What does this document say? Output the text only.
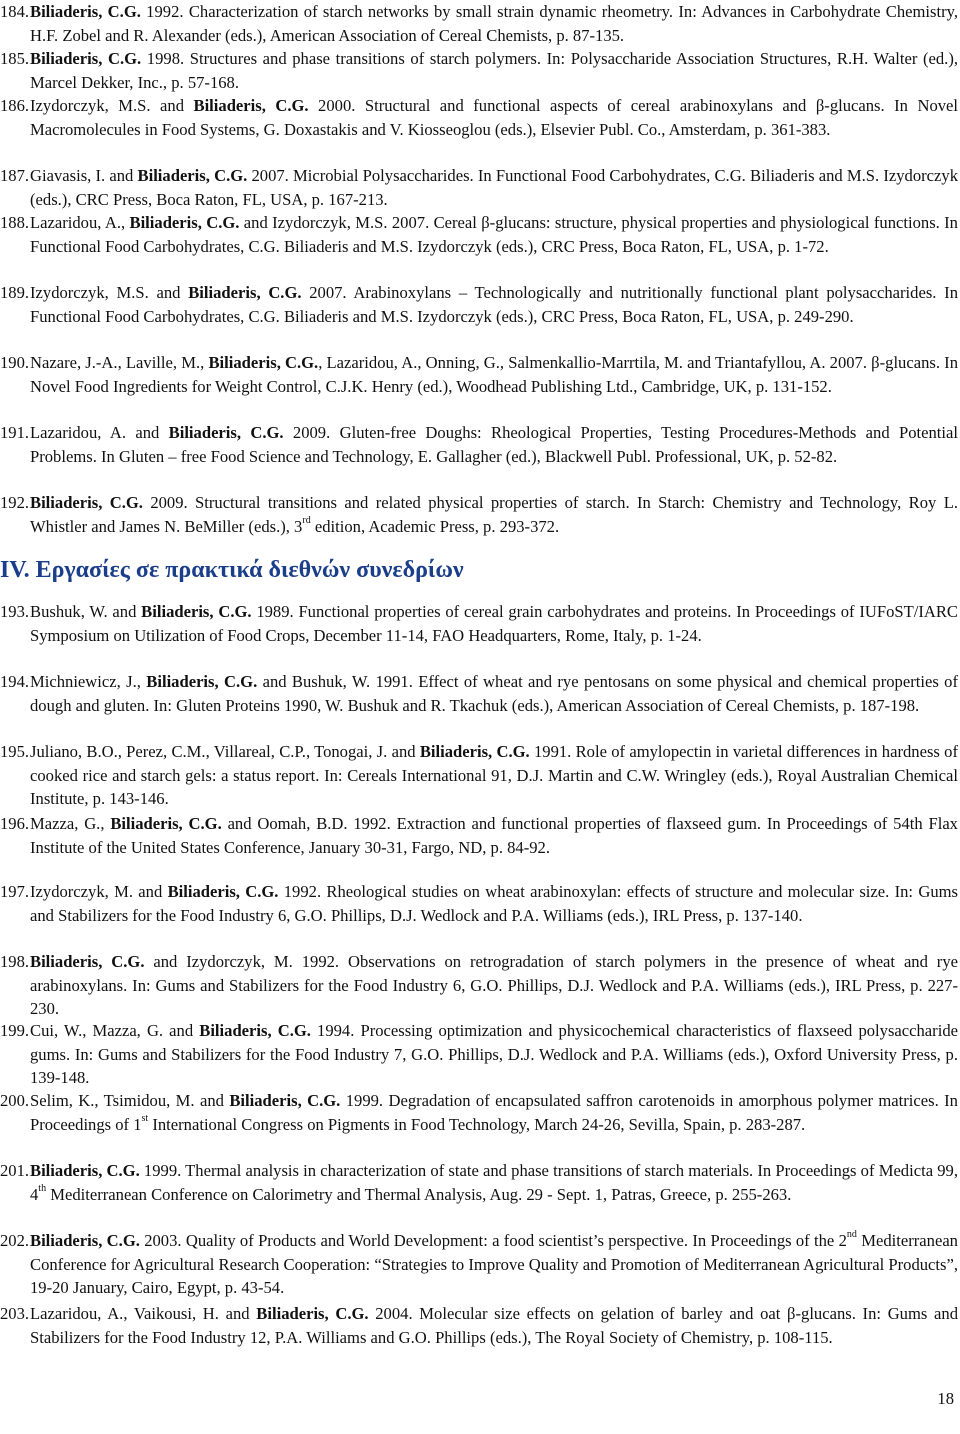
184.Biliaderis, C.G. 1992. Characterization of starch networks by small strain dynamic rheometry. In: Advances in Carbohydrate Chemistry, H.F. Zobel and R. Alexander (eds.), American Association of Cereal Chemists, p. 87-135.
185.Biliaderis, C.G. 1998. Structures and phase transitions of starch polymers. In: Polysaccharide Association Structures, R.H. Walter (ed.), Marcel Dekker, Inc., p. 57-168.
186.Izydorczyk, M.S. and Biliaderis, C.G. 2000. Structural and functional aspects of cereal arabinoxylans and β-glucans. In Novel Macromolecules in Food Systems, G. Doxastakis and V. Kiosseoglou (eds.), Elsevier Publ. Co., Amsterdam, p. 361-383.
187.Giavasis, I. and Biliaderis, C.G. 2007. Microbial Polysaccharides. In Functional Food Carbohydrates, C.G. Biliaderis and M.S. Izydorczyk (eds.), CRC Press, Boca Raton, FL, USA, p. 167-213.
188.Lazaridou, A., Biliaderis, C.G. and Izydorczyk, M.S. 2007. Cereal β-glucans: structure, physical properties and physiological functions. In Functional Food Carbohydrates, C.G. Biliaderis and M.S. Izydorczyk (eds.), CRC Press, Boca Raton, FL, USA, p. 1-72.
189.Izydorczyk, M.S. and Biliaderis, C.G. 2007. Arabinoxylans – Technologically and nutritionally functional plant polysaccharides. In Functional Food Carbohydrates, C.G. Biliaderis and M.S. Izydorczyk (eds.), CRC Press, Boca Raton, FL, USA, p. 249-290.
190.Nazare, J.-A., Laville, M., Biliaderis, C.G., Lazaridou, A., Onning, G., Salmenkallio-Marrtila, M. and Triantafyllou, A. 2007. β-glucans. In Novel Food Ingredients for Weight Control, C.J.K. Henry (ed.), Woodhead Publishing Ltd., Cambridge, UK, p. 131-152.
191.Lazaridou, A. and Biliaderis, C.G. 2009. Gluten-free Doughs: Rheological Properties, Testing Procedures-Methods and Potential Problems. In Gluten – free Food Science and Technology, E. Gallagher (ed.), Blackwell Publ. Professional, UK, p. 52-82.
192.Biliaderis, C.G. 2009. Structural transitions and related physical properties of starch. In Starch: Chemistry and Technology, Roy L. Whistler and James N. BeMiller (eds.), 3rd edition, Academic Press, p. 293-372.
IV. Εργασίες σε πρακτικά διεθνών συνεδρίων
193.Bushuk, W. and Biliaderis, C.G. 1989. Functional properties of cereal grain carbohydrates and proteins. In Proceedings of IUFoST/IARC Symposium on Utilization of Food Crops, December 11-14, FAO Headquarters, Rome, Italy, p. 1-24.
194.Michniewicz, J., Biliaderis, C.G. and Bushuk, W. 1991. Effect of wheat and rye pentosans on some physical and chemical properties of dough and gluten. In: Gluten Proteins 1990, W. Bushuk and R. Tkachuk (eds.), American Association of Cereal Chemists, p. 187-198.
195.Juliano, B.O., Perez, C.M., Villareal, C.P., Tonogai, J. and Biliaderis, C.G. 1991. Role of amylopectin in varietal differences in hardness of cooked rice and starch gels: a status report. In: Cereals International 91, D.J. Martin and C.W. Wringley (eds.), Royal Australian Chemical Institute, p. 143-146.
196.Mazza, G., Biliaderis, C.G. and Oomah, B.D. 1992. Extraction and functional properties of flaxseed gum. In Proceedings of 54th Flax Institute of the United States Conference, January 30-31, Fargo, ND, p. 84-92.
197.Izydorczyk, M. and Biliaderis, C.G. 1992. Rheological studies on wheat arabinoxylan: effects of structure and molecular size. In: Gums and Stabilizers for the Food Industry 6, G.O. Phillips, D.J. Wedlock and P.A. Williams (eds.), IRL Press, p. 137-140.
198.Biliaderis, C.G. and Izydorczyk, M. 1992. Observations on retrogradation of starch polymers in the presence of wheat and rye arabinoxylans. In: Gums and Stabilizers for the Food Industry 6, G.O. Phillips, D.J. Wedlock and P.A. Williams (eds.), IRL Press, p. 227- 230.
199.Cui, W., Mazza, G. and Biliaderis, C.G. 1994. Processing optimization and physicochemical characteristics of flaxseed polysaccharide gums. In: Gums and Stabilizers for the Food Industry 7, G.O. Phillips, D.J. Wedlock and P.A. Williams (eds.), Oxford University Press, p. 139-148.
200.Selim, K., Tsimidou, M. and Biliaderis, C.G. 1999. Degradation of encapsulated saffron carotenoids in amorphous polymer matrices. In Proceedings of 1st International Congress on Pigments in Food Technology, March 24-26, Sevilla, Spain, p. 283-287.
201.Biliaderis, C.G. 1999. Thermal analysis in characterization of state and phase transitions of starch materials. In Proceedings of Medicta 99, 4th Mediterranean Conference on Calorimetry and Thermal Analysis, Aug. 29 - Sept. 1, Patras, Greece, p. 255-263.
202.Biliaderis, C.G. 2003. Quality of Products and World Development: a food scientist’s perspective. In Proceedings of the 2nd Mediterranean Conference for Agricultural Research Cooperation: “Strategies to Improve Quality and Promotion of Mediterranean Agricultural Products”, 19-20 January, Cairo, Egypt, p. 43-54.
203.Lazaridou, A., Vaikousi, H. and Biliaderis, C.G. 2004. Molecular size effects on gelation of barley and oat β-glucans. In: Gums and Stabilizers for the Food Industry 12, P.A. Williams and G.O. Phillips (eds.), The Royal Society of Chemistry, p. 108-115.
18
